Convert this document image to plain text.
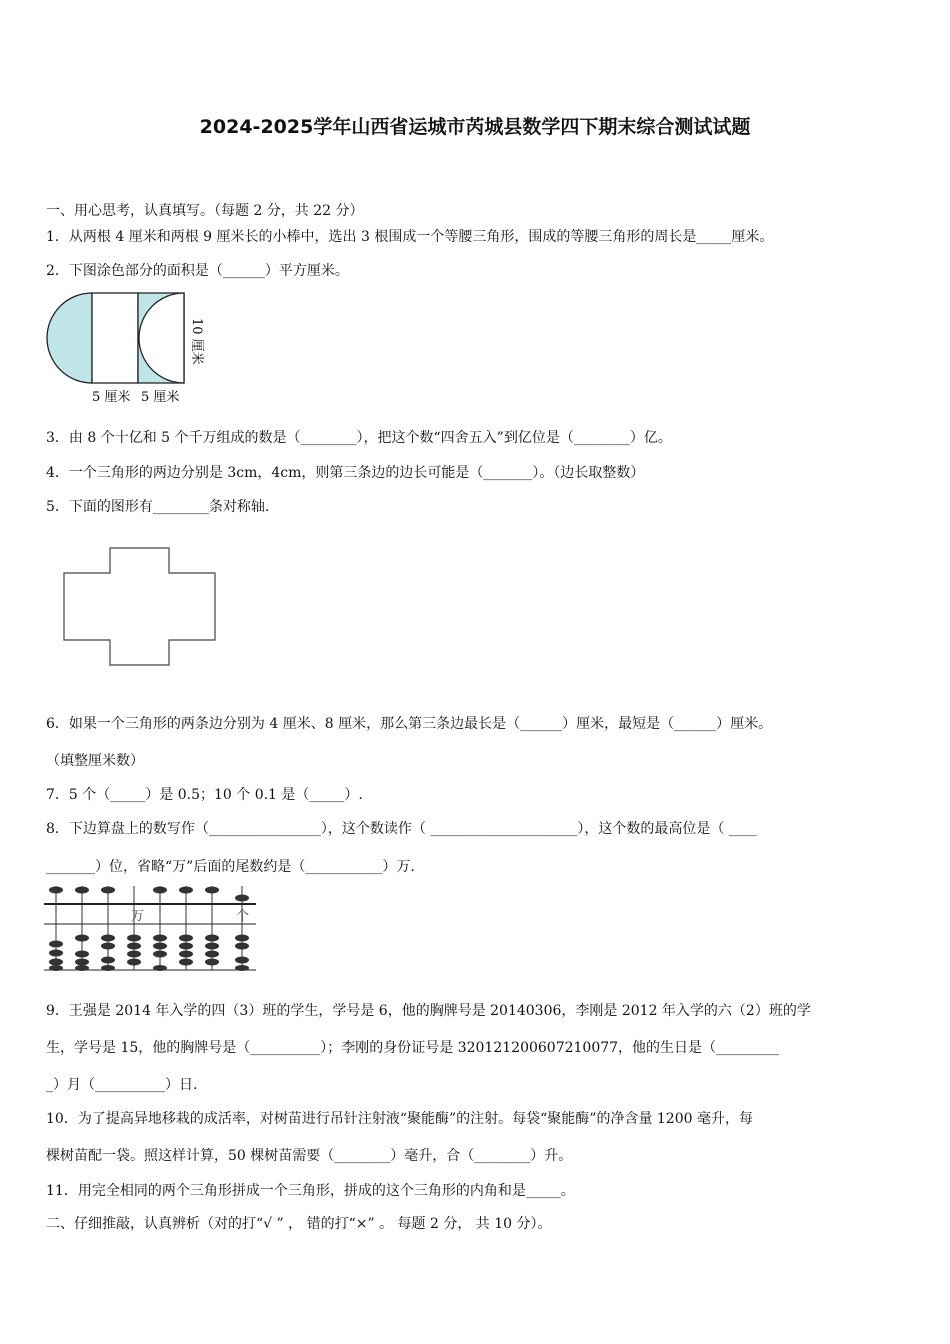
2024-2025学年山西省运城市芮城县数学四下期末综合测试试题
一、用心思考，认真填写。（每题 2 分，共 22 分）
1．从两根 4 厘米和两根 9 厘米长的小棒中，选出 3 根围成一个等腰三角形，围成的等腰三角形的周长是_____厘米。
2．下图涂色部分的面积是（______）平方厘米。
5 厘米 5 厘米
10 厘米
3．由 8 个十亿和 5 个千万组成的数是（________），把这个数“四舍五入”到亿位是（________）亿。
4．一个三角形的两边分别是 3cm，4cm，则第三条边的边长可能是（_______）。（边长取整数）
5．下面的图形有________条对称轴.
6．如果一个三角形的两条边分别为 4 厘米、8 厘米，那么第三条边最长是（______）厘米，最短是（______）厘米。
（填整厘米数）
7．5 个（_____）是 0.5；10 个 0.1 是（_____）.
8．下边算盘上的数写作（________________），这个数读作（ _____________________），这个数的最高位是（ ____
_______）位，省略“万”后面的尾数约是（___________）万.
万	个
9．王强是 2014 年入学的四（3）班的学生，学号是 6，他的胸牌号是 20140306，李刚是 2012 年入学的六（2）班的学
生，学号是 15，他的胸牌号是（__________）；李刚的身份证号是 320121200607210077，他的生日是（_________
_）月（__________）日.
10．为了提高异地移栽的成活率，对树苗进行吊针注射液“聚能酶”的注射。每袋“聚能酶”的净含量 1200 毫升，每
棵树苗配一袋。照这样计算，50 棵树苗需要（________）毫升，合（________）升。
11．用完全相同的两个三角形拼成一个三角形，拼成的这个三角形的内角和是_____。
二、仔细推敲，认真辨析（对的打“√ ” ， 错的打“×” 。 每题 2 分， 共 10 分）。
